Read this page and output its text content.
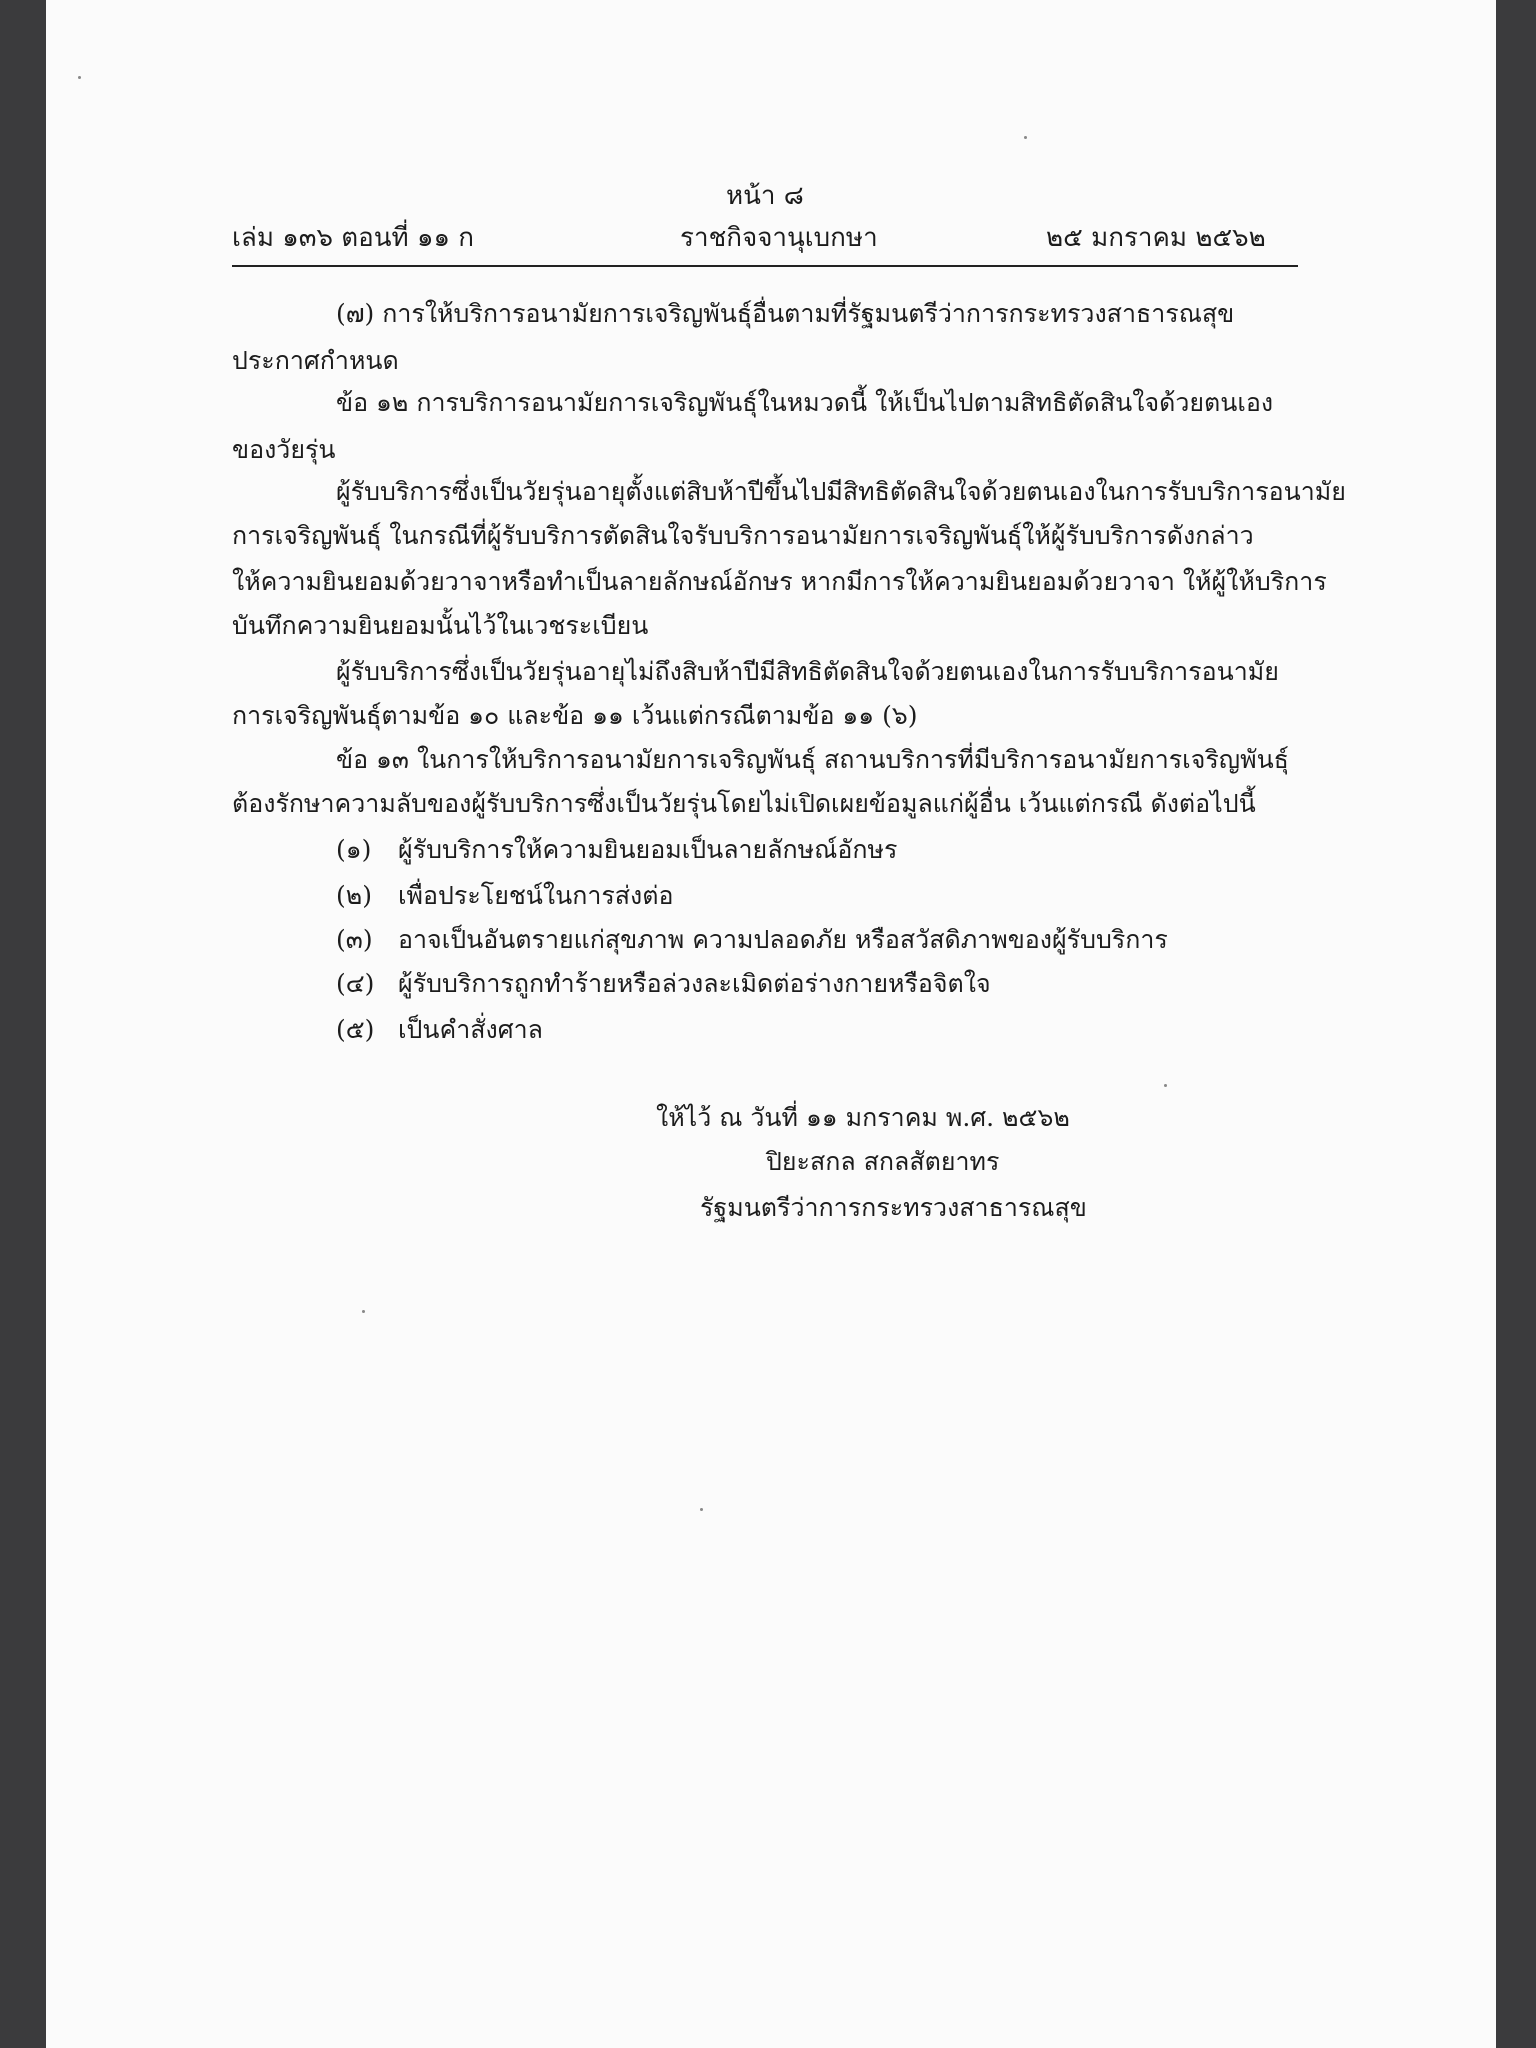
หน้า ๘
เล่ม ๑๓๖ ตอนที่ ๑๑ ก	ราชกิจจานุเบกษา	๒๕ มกราคม ๒๕๖๒
(๗) การให้บริการอนามัยการเจริญพันธุ์อื่นตามที่รัฐมนตรีว่าการกระทรวงสาธารณสุข
ประกาศกำหนด
ข้อ ๑๒ การบริการอนามัยการเจริญพันธุ์ในหมวดนี้ ให้เป็นไปตามสิทธิตัดสินใจด้วยตนเอง
ของวัยรุ่น
ผู้รับบริการซึ่งเป็นวัยรุ่นอายุตั้งแต่สิบห้าปีขึ้นไปมีสิทธิตัดสินใจด้วยตนเองในการรับบริการอนามัย
การเจริญพันธุ์ ในกรณีที่ผู้รับบริการตัดสินใจรับบริการอนามัยการเจริญพันธุ์ให้ผู้รับบริการดังกล่าว
ให้ความยินยอมด้วยวาจาหรือทำเป็นลายลักษณ์อักษร หากมีการให้ความยินยอมด้วยวาจา ให้ผู้ให้บริการ
บันทึกความยินยอมนั้นไว้ในเวชระเบียน
ผู้รับบริการซึ่งเป็นวัยรุ่นอายุไม่ถึงสิบห้าปีมีสิทธิตัดสินใจด้วยตนเองในการรับบริการอนามัย
การเจริญพันธุ์ตามข้อ ๑๐ และข้อ ๑๑ เว้นแต่กรณีตามข้อ ๑๑ (๖)
ข้อ ๑๓ ในการให้บริการอนามัยการเจริญพันธุ์ สถานบริการที่มีบริการอนามัยการเจริญพันธุ์
ต้องรักษาความลับของผู้รับบริการซึ่งเป็นวัยรุ่นโดยไม่เปิดเผยข้อมูลแก่ผู้อื่น เว้นแต่กรณี ดังต่อไปนี้
(๑) ผู้รับบริการให้ความยินยอมเป็นลายลักษณ์อักษร
(๒) เพื่อประโยชน์ในการส่งต่อ
(๓) อาจเป็นอันตรายแก่สุขภาพ ความปลอดภัย หรือสวัสดิภาพของผู้รับบริการ
(๔) ผู้รับบริการถูกทำร้ายหรือล่วงละเมิดต่อร่างกายหรือจิตใจ
(๕) เป็นคำสั่งศาล
ให้ไว้ ณ วันที่ ๑๑ มกราคม พ.ศ. ๒๕๖๒
ปิยะสกล สกลสัตยาทร
รัฐมนตรีว่าการกระทรวงสาธารณสุข
